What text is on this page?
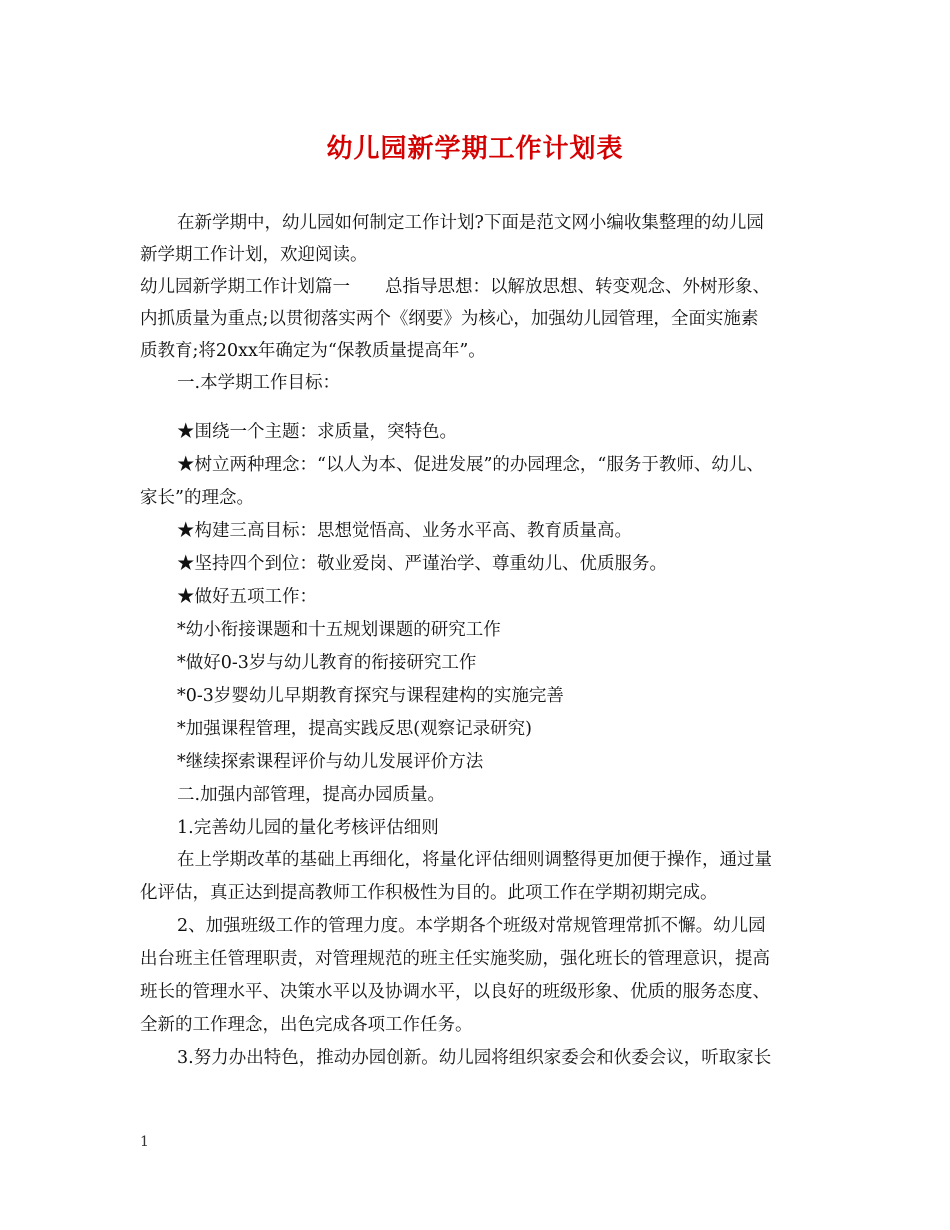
幼儿园新学期工作计划表
在新学期中，幼儿园如何制定工作计划?下面是范文网小编收集整理的幼儿园
新学期工作计划，欢迎阅读。
幼儿园新学期工作计划篇一　　总指导思想：以解放思想、转变观念、外树形象、
内抓质量为重点;以贯彻落实两个《纲要》为核心，加强幼儿园管理，全面实施素
质教育;将20xx年确定为“保教质量提高年”。
一.本学期工作目标：
★围绕一个主题：求质量，突特色。
★树立两种理念：“以人为本、促进发展”的办园理念，“服务于教师、幼儿、
家长”的理念。
★构建三高目标：思想觉悟高、业务水平高、教育质量高。
★坚持四个到位：敬业爱岗、严谨治学、尊重幼儿、优质服务。
★做好五项工作：
*幼小衔接课题和十五规划课题的研究工作
*做好0-3岁与幼儿教育的衔接研究工作
*0-3岁婴幼儿早期教育探究与课程建构的实施完善
*加强课程管理，提高实践反思(观察记录研究)
*继续探索课程评价与幼儿发展评价方法
二.加强内部管理，提高办园质量。
1.完善幼儿园的量化考核评估细则
在上学期改革的基础上再细化，将量化评估细则调整得更加便于操作，通过量
化评估，真正达到提高教师工作积极性为目的。此项工作在学期初期完成。
2、加强班级工作的管理力度。本学期各个班级对常规管理常抓不懈。幼儿园
出台班主任管理职责，对管理规范的班主任实施奖励，强化班长的管理意识，提高
班长的管理水平、决策水平以及协调水平，以良好的班级形象、优质的服务态度、
全新的工作理念，出色完成各项工作任务。
3.努力办出特色，推动办园创新。幼儿园将组织家委会和伙委会议，听取家长
1
